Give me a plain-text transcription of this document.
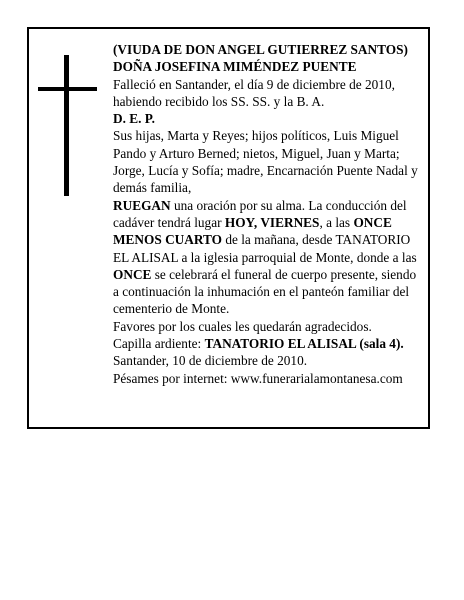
(VIUDA DE DON ANGEL GUTIERREZ SANTOS)

DOÑA JOSEFINA MIMÉNDEZ PUENTE

Falleció en Santander, el día 9 de diciembre de 2010, habiendo recibido los SS. SS. y la B. A.

D. E. P.

Sus hijas, Marta y Reyes; hijos políticos, Luis Miguel Pando y Arturo Berned; nietos, Miguel, Juan y Marta; Jorge, Lucía y Sofía; madre, Encarnación Puente Nadal y demás familia,

RUEGAN una oración por su alma. La conducción del cadáver tendrá lugar HOY, VIERNES, a las ONCE MENOS CUARTO de la mañana, desde TANATORIO EL ALISAL a la iglesia parroquial de Monte, donde a las ONCE se celebrará el funeral de cuerpo presente, siendo a continuación la inhumación en el panteón familiar del cementerio de Monte.

Favores por los cuales les quedarán agradecidos.

Capilla ardiente: TANATORIO EL ALISAL (sala 4).

Santander, 10 de diciembre de 2010.

Pésames por internet: www.funerarialamontanesa.com
